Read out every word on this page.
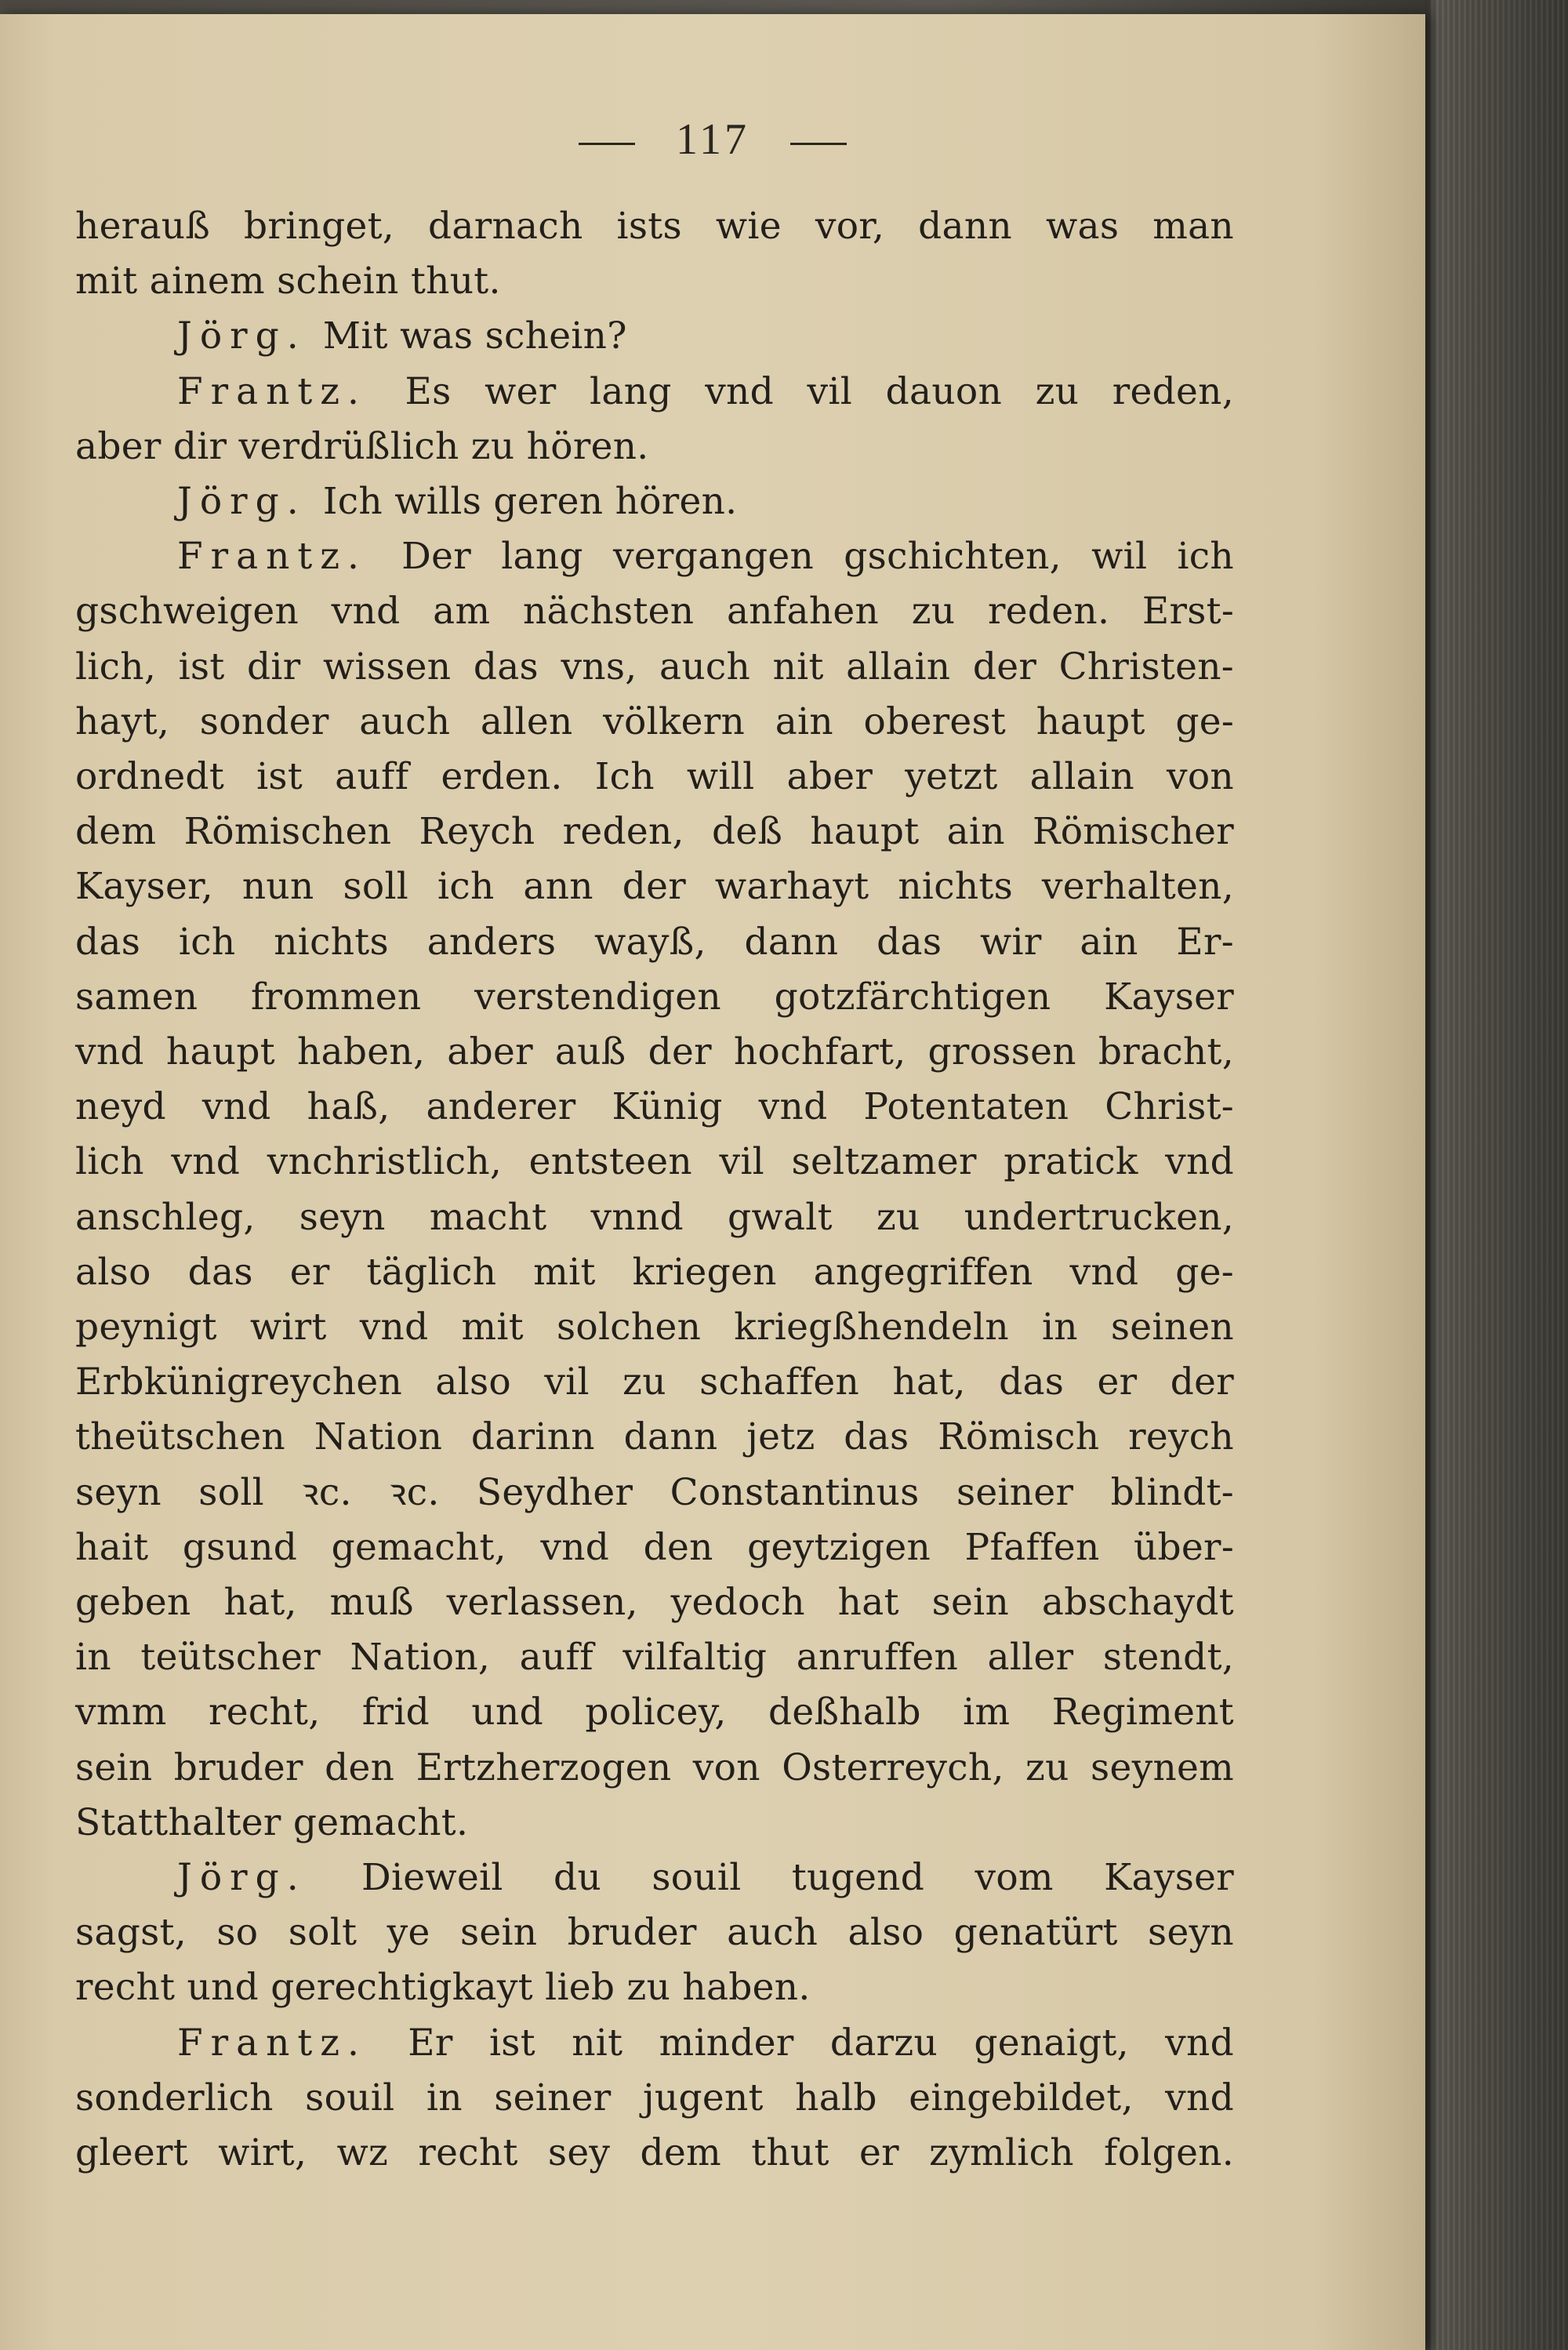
117
herauß bringet, darnach ists wie vor, dann was man
mit ainem schein thut.
Jörg. Mit was schein?
Frantz. Es wer lang vnd vil dauon zu reden,
aber dir verdrüßlich zu hören.
Jörg. Ich wills geren hören.
Frantz. Der lang vergangen gschichten, wil ich
gschweigen vnd am nächsten anfahen zu reden. Erst-
lich, ist dir wissen das vns, auch nit allain der Christen-
hayt, sonder auch allen völkern ain oberest haupt ge-
ordnedt ist auff erden. Ich will aber yetzt allain von
dem Römischen Reych reden, deß haupt ain Römischer
Kayser, nun soll ich ann der warhayt nichts verhalten,
das ich nichts anders wayß, dann das wir ain Er-
samen frommen verstendigen gotzfärchtigen Kayser
vnd haupt haben, aber auß der hochfart, grossen bracht,
neyd vnd haß, anderer Künig vnd Potentaten Christ-
lich vnd vnchristlich, entsteen vil seltzamer pratick vnd
anschleg, seyn macht vnnd gwalt zu undertrucken,
also das er täglich mit kriegen angegriffen vnd ge-
peynigt wirt vnd mit solchen kriegßhendeln in seinen
Erbkünigreychen also vil zu schaffen hat, das er der
theütschen Nation darinn dann jetz das Römisch reych
seyn soll ꝛc. ꝛc. Seydher Constantinus seiner blindt-
hait gsund gemacht, vnd den geytzigen Pfaffen über-
geben hat, muß verlassen, yedoch hat sein abschaydt
in teütscher Nation, auff vilfaltig anruffen aller stendt,
vmm recht, frid und policey, deßhalb im Regiment
sein bruder den Ertzherzogen von Osterreych, zu seynem
Statthalter gemacht.
Jörg. Dieweil du souil tugend vom Kayser
sagst, so solt ye sein bruder auch also genatürt seyn
recht und gerechtigkayt lieb zu haben.
Frantz. Er ist nit minder darzu genaigt, vnd
sonderlich souil in seiner jugent halb eingebildet, vnd
gleert wirt, wz recht sey dem thut er zymlich folgen.
